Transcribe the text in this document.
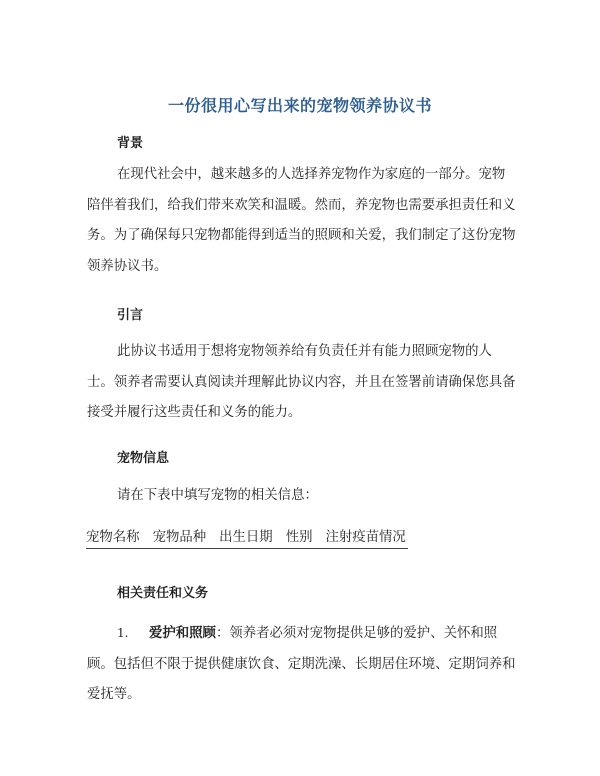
一份很用心写出来的宠物领养协议书
背景
在现代社会中，越来越多的人选择养宠物作为家庭的一部分。宠物陪伴着我们，给我们带来欢笑和温暖。然而，养宠物也需要承担责任和义务。为了确保每只宠物都能得到适当的照顾和关爱，我们制定了这份宠物领养协议书。
引言
此协议书适用于想将宠物领养给有负责任并有能力照顾宠物的人士。领养者需要认真阅读并理解此协议内容，并且在签署前请确保您具备接受并履行这些责任和义务的能力。
宠物信息
请在下表中填写宠物的相关信息：
宠物名称 宠物品种 出生日期 性别 注射疫苗情况
相关责任和义务
1. 爱护和照顾：领养者必须对宠物提供足够的爱护、关怀和照顾。包括但不限于提供健康饮食、定期洗澡、长期居住环境、定期饲养和爱抚等。
